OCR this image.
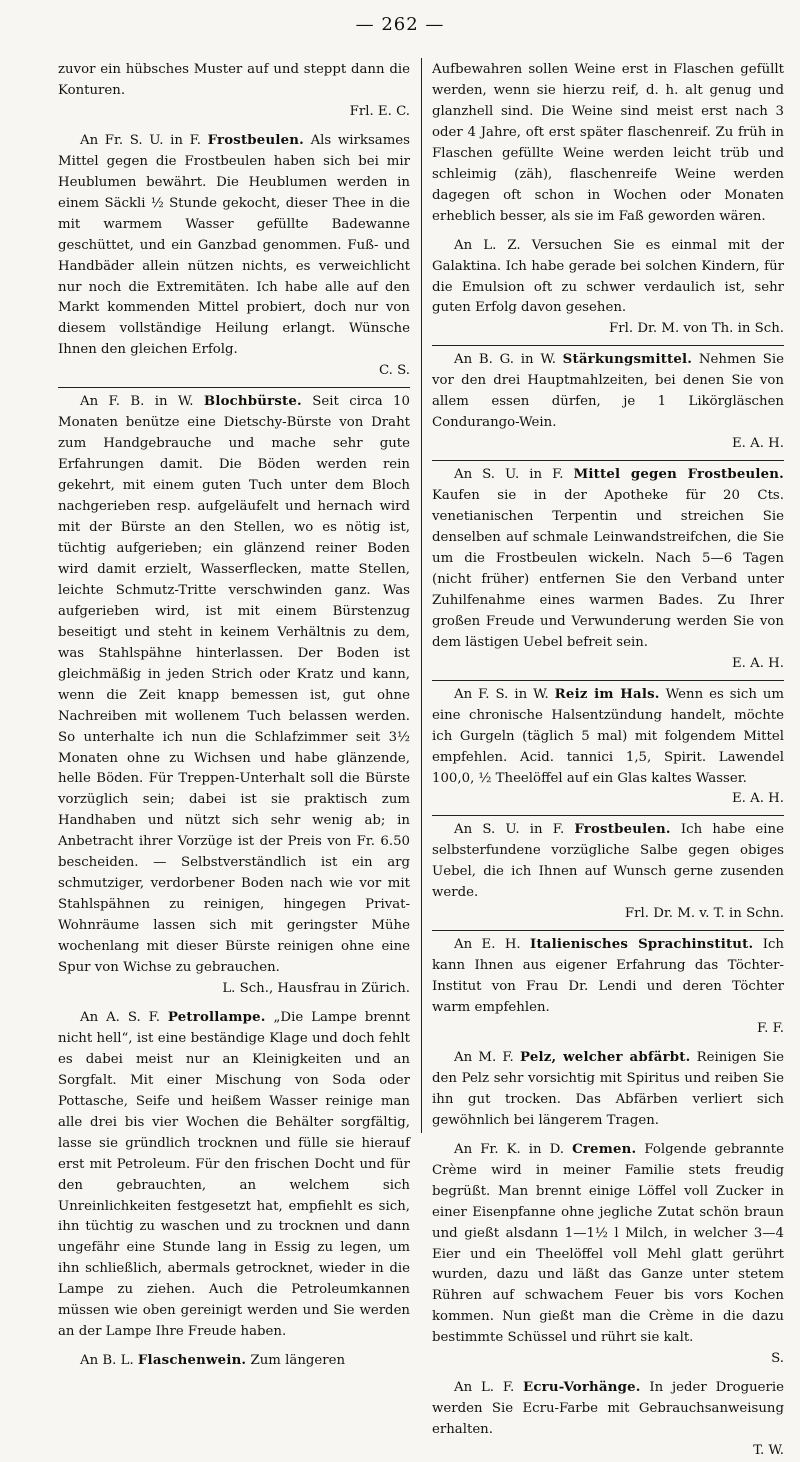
— 262 —

zuvor ein hübsches Muster auf und steppt dann die Konturen.
Frl. E. C.

An Fr. S. U. in F. Frostbeulen. Als wirksames Mittel gegen die Frostbeulen haben sich bei mir Heublumen bewährt. Die Heublumen werden in einem Säckli ½ Stunde gekocht, dieser Thee in die mit warmem Wasser gefüllte Badewanne geschüttet, und ein Ganzbad genommen. Fuß- und Handbäder allein nützen nichts, es verweichlicht nur noch die Extremitäten. Ich habe alle auf den Markt kommenden Mittel probiert, doch nur von diesem vollständige Heilung erlangt. Wünsche Ihnen den gleichen Erfolg.
C. S.

An F. B. in W. Blochbürste. Seit circa 10 Monaten benütze eine Dietschy-Bürste von Draht zum Handgebrauche und mache sehr gute Erfahrungen damit. Die Böden werden rein gekehrt, mit einem guten Tuch unter dem Bloch nachgerieben resp. aufgeläufelt und hernach wird mit der Bürste an den Stellen, wo es nötig ist, tüchtig aufgerieben; ein glänzend reiner Boden wird damit erzielt, Wasserflecken, matte Stellen, leichte Schmutz-Tritte verschwinden ganz. Was aufgerieben wird, ist mit einem Bürstenzug beseitigt und steht in keinem Verhältnis zu dem, was Stahlspähne hinterlassen. Der Boden ist gleichmäßig in jeden Strich oder Kratz und kann, wenn die Zeit knapp bemessen ist, gut ohne Nachreiben mit wollenem Tuch belassen werden. So unterhalte ich nun die Schlafzimmer seit 3½ Monaten ohne zu Wichsen und habe glänzende, helle Böden. Für Treppen-Unterhalt soll die Bürste vorzüglich sein; dabei ist sie praktisch zum Handhaben und nützt sich sehr wenig ab; in Anbetracht ihrer Vorzüge ist der Preis von Fr. 6.50 bescheiden. — Selbstverständlich ist ein arg schmutziger, verdorbener Boden nach wie vor mit Stahlspähnen zu reinigen, hingegen Privat-Wohnräume lassen sich mit geringster Mühe wochenlang mit dieser Bürste reinigen ohne eine Spur von Wichse zu gebrauchen.
L. Sch., Hausfrau in Zürich.

An A. S. F. Petrollampe. „Die Lampe brennt nicht hell“, ist eine beständige Klage und doch fehlt es dabei meist nur an Kleinigkeiten und an Sorgfalt. Mit einer Mischung von Soda oder Pottasche, Seife und heißem Wasser reinige man alle drei bis vier Wochen die Behälter sorgfältig, lasse sie gründlich trocknen und fülle sie hierauf erst mit Petroleum. Für den frischen Docht und für den gebrauchten, an welchem sich Unreinlichkeiten festgesetzt hat, empfiehlt es sich, ihn tüchtig zu waschen und zu trocknen und dann ungefähr eine Stunde lang in Essig zu legen, um ihn schließlich, abermals getrocknet, wieder in die Lampe zu ziehen. Auch die Petroleumkannen müssen wie oben gereinigt werden und Sie werden an der Lampe Ihre Freude haben.

An B. L. Flaschenwein. Zum längeren

Aufbewahren sollen Weine erst in Flaschen gefüllt werden, wenn sie hierzu reif, d. h. alt genug und glanzhell sind. Die Weine sind meist erst nach 3 oder 4 Jahre, oft erst später flaschenreif. Zu früh in Flaschen gefüllte Weine werden leicht trüb und schleimig (zäh), flaschenreife Weine werden dagegen oft schon in Wochen oder Monaten erheblich besser, als sie im Faß geworden wären.

An L. Z. Versuchen Sie es einmal mit der Galaktina. Ich habe gerade bei solchen Kindern, für die Emulsion oft zu schwer verdaulich ist, sehr guten Erfolg davon gesehen.
Frl. Dr. M. von Th. in Sch.

An B. G. in W. Stärkungsmittel. Nehmen Sie vor den drei Hauptmahlzeiten, bei denen Sie von allem essen dürfen, je 1 Likörgläschen Condurango-Wein.
E. A. H.

An S. U. in F. Mittel gegen Frostbeulen. Kaufen sie in der Apotheke für 20 Cts. venetianischen Terpentin und streichen Sie denselben auf schmale Leinwandstreifchen, die Sie um die Frostbeulen wickeln. Nach 5—6 Tagen (nicht früher) entfernen Sie den Verband unter Zuhilfenahme eines warmen Bades. Zu Ihrer großen Freude und Verwunderung werden Sie von dem lästigen Uebel befreit sein.
E. A. H.

An F. S. in W. Reiz im Hals. Wenn es sich um eine chronische Halsentzündung handelt, möchte ich Gurgeln (täglich 5 mal) mit folgendem Mittel empfehlen. Acid. tannici 1,5, Spirit. Lawendel 100,0, ½ Theelöffel auf ein Glas kaltes Wasser.
E. A. H.

An S. U. in F. Frostbeulen. Ich habe eine selbsterfundene vorzügliche Salbe gegen obiges Uebel, die ich Ihnen auf Wunsch gerne zusenden werde.
Frl. Dr. M. v. T. in Schn.

An E. H. Italienisches Sprachinstitut. Ich kann Ihnen aus eigener Erfahrung das Töchter-Institut von Frau Dr. Lendi und deren Töchter warm empfehlen.
F. F.

An M. F. Pelz, welcher abfärbt. Reinigen Sie den Pelz sehr vorsichtig mit Spiritus und reiben Sie ihn gut trocken. Das Abfärben verliert sich gewöhnlich bei längerem Tragen.

An Fr. K. in D. Cremen. Folgende gebrannte Crème wird in meiner Familie stets freudig begrüßt. Man brennt einige Löffel voll Zucker in einer Eisenpfanne ohne jegliche Zutat schön braun und gießt alsdann 1—1½ l Milch, in welcher 3—4 Eier und ein Theelöffel voll Mehl glatt gerührt wurden, dazu und läßt das Ganze unter stetem Rühren auf schwachem Feuer bis vors Kochen kommen. Nun gießt man die Crème in die dazu bestimmte Schüssel und rührt sie kalt.
S.

An L. F. Ecru-Vorhänge. In jeder Droguerie werden Sie Ecru-Farbe mit Gebrauchsanweisung erhalten.
T. W.
